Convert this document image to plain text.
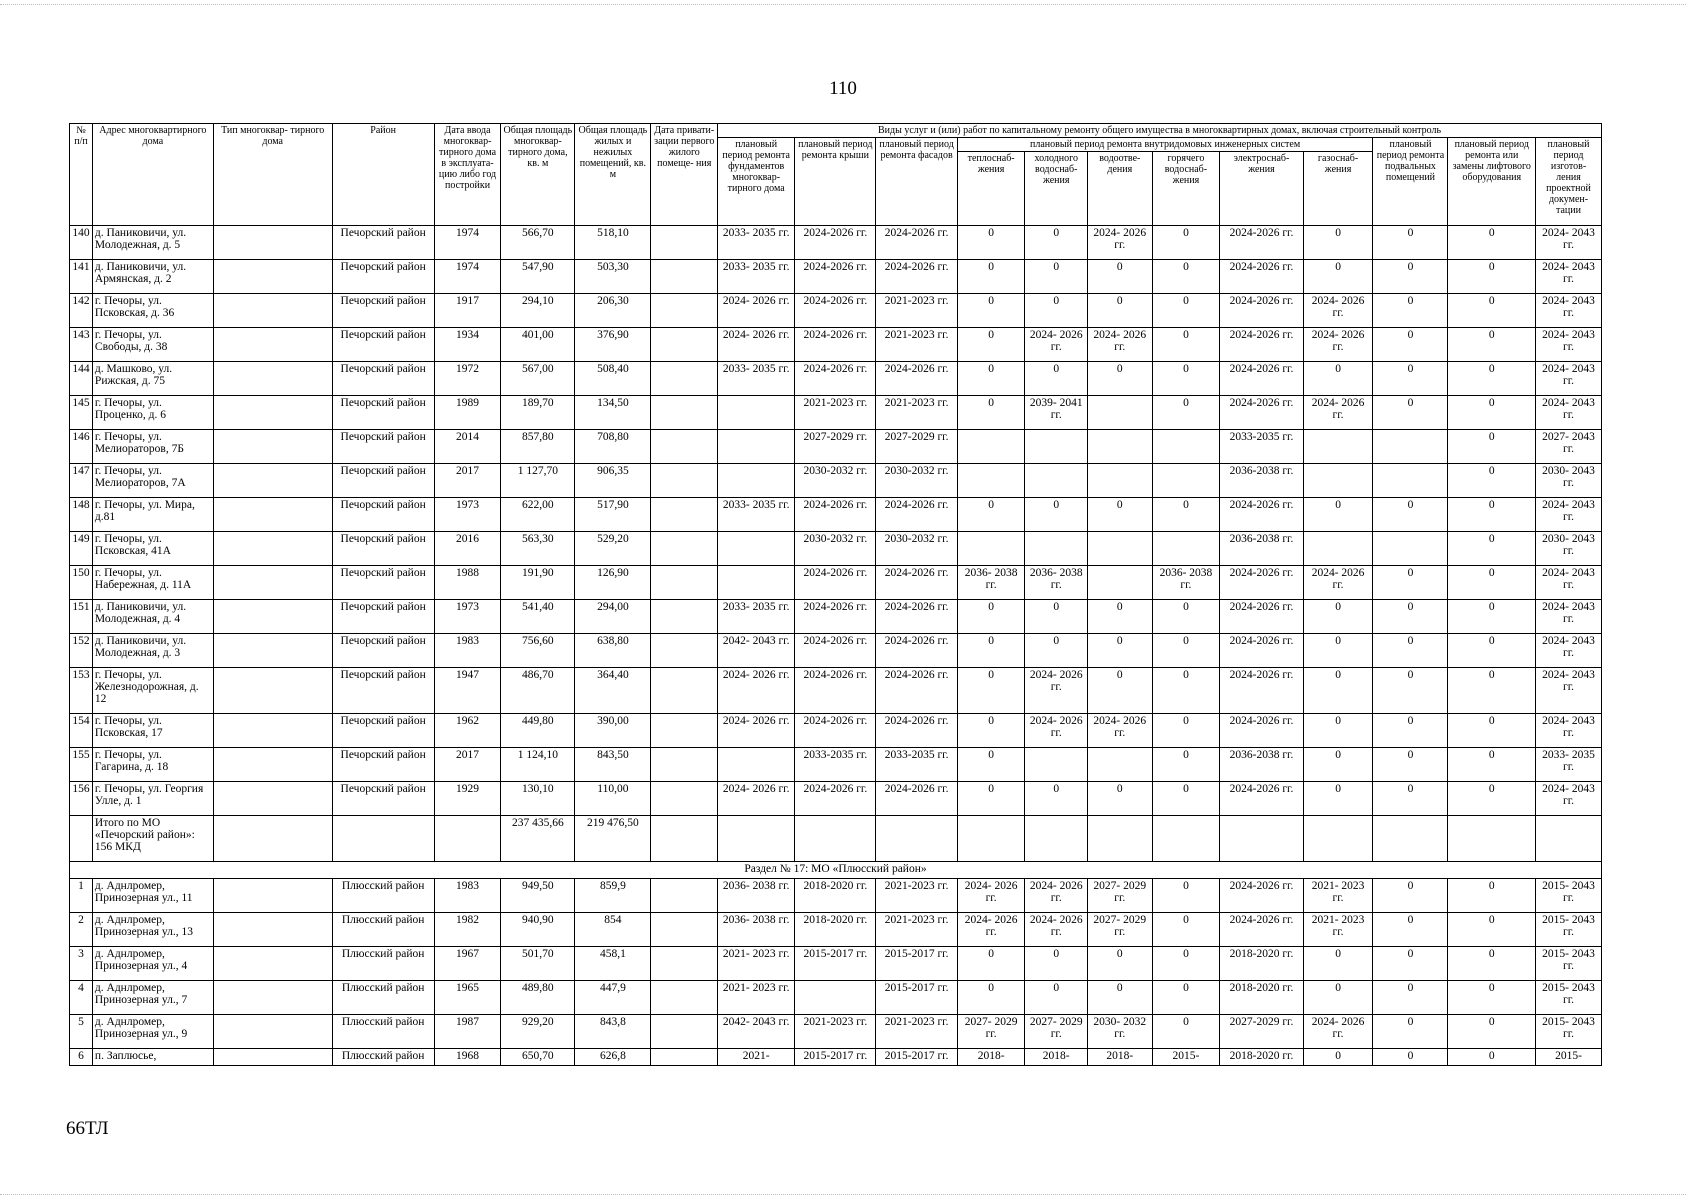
110
№ п/п	Адрес многоквартирного дома	Тип многоквар- тирного дома	Район	Дата ввода многоквар- тирного дома в эксплуата- цию либо год постройки	Общая площадь многоквар- тирного дома, кв. м	Общая площадь жилых и нежилых помещений, кв. м	Дата привати- зации первого жилого помеще- ния	Виды услуг и (или) работ по капитальному ремонту общего имущества в многоквартирных домах, включая строительный контроль											
								плановый период ремонта фундаментов многоквар- тирного дома	плановый период ремонта крыши	плановый период ремонта фасадов	плановый период ремонта внутридомовых инженерных систем						плановый период ремонта подвальных помещений	плановый период ремонта или замены лифтового оборудования	плановый период изготов- ления проектной докумен- тации
											теплоснаб- жения	холодного водоснаб- жения	водоотве- дения	горячего водоснаб- жения	электроснаб- жения	газоснаб- жения			
140	д. Паниковичи, ул. Молодежная, д. 5		Печорский район	1974	566,70	518,10		2033- 2035 гг.	2024-2026 гг.	2024-2026 гг.	0	0	2024- 2026 гг.	0	2024-2026 гг.	0	0	0	2024- 2043 гг.
141	д. Паниковичи, ул. Армянская, д. 2		Печорский район	1974	547,90	503,30		2033- 2035 гг.	2024-2026 гг.	2024-2026 гг.	0	0	0	0	2024-2026 гг.	0	0	0	2024- 2043 гг.
142	г. Печоры, ул. Псковская, д. 36		Печорский район	1917	294,10	206,30		2024- 2026 гг.	2024-2026 гг.	2021-2023 гг.	0	0	0	0	2024-2026 гг.	2024- 2026 гг.	0	0	2024- 2043 гг.
143	г. Печоры, ул. Свободы, д. 38		Печорский район	1934	401,00	376,90		2024- 2026 гг.	2024-2026 гг.	2021-2023 гг.	0	2024- 2026 гг.	2024- 2026 гг.	0	2024-2026 гг.	2024- 2026 гг.	0	0	2024- 2043 гг.
144	д. Машково, ул. Рижская, д. 75		Печорский район	1972	567,00	508,40		2033- 2035 гг.	2024-2026 гг.	2024-2026 гг.	0	0	0	0	2024-2026 гг.	0	0	0	2024- 2043 гг.
145	г. Печоры, ул. Проценко, д. 6		Печорский район	1989	189,70	134,50			2021-2023 гг.	2021-2023 гг.	0	2039- 2041 гг.		0	2024-2026 гг.	2024- 2026 гг.	0	0	2024- 2043 гг.
146	г. Печоры, ул. Мелиораторов, 7Б		Печорский район	2014	857,80	708,80			2027-2029 гг.	2027-2029 гг.					2033-2035 гг.			0	2027- 2043 гг.
147	г. Печоры, ул. Мелиораторов, 7А		Печорский район	2017	1 127,70	906,35			2030-2032 гг.	2030-2032 гг.					2036-2038 гг.			0	2030- 2043 гг.
148	г. Печоры, ул. Мира, д.81		Печорский район	1973	622,00	517,90		2033- 2035 гг.	2024-2026 гг.	2024-2026 гг.	0	0	0	0	2024-2026 гг.	0	0	0	2024- 2043 гг.
149	г. Печоры, ул. Псковская, 41А		Печорский район	2016	563,30	529,20			2030-2032 гг.	2030-2032 гг.					2036-2038 гг.			0	2030- 2043 гг.
150	г. Печоры, ул. Набережная, д. 11А		Печорский район	1988	191,90	126,90			2024-2026 гг.	2024-2026 гг.	2036- 2038 гг.	2036- 2038 гг.		2036- 2038 гг.	2024-2026 гг.	2024- 2026 гг.	0	0	2024- 2043 гг.
151	д. Паниковичи, ул. Молодежная, д. 4		Печорский район	1973	541,40	294,00		2033- 2035 гг.	2024-2026 гг.	2024-2026 гг.	0	0	0	0	2024-2026 гг.	0	0	0	2024- 2043 гг.
152	д. Паниковичи, ул. Молодежная, д. 3		Печорский район	1983	756,60	638,80		2042- 2043 гг.	2024-2026 гг.	2024-2026 гг.	0	0	0	0	2024-2026 гг.	0	0	0	2024- 2043 гг.
153	г. Печоры, ул. Железнодорожная, д. 12		Печорский район	1947	486,70	364,40		2024- 2026 гг.	2024-2026 гг.	2024-2026 гг.	0	2024- 2026 гг.	0	0	2024-2026 гг.	0	0	0	2024- 2043 гг.
154	г. Печоры, ул. Псковская, 17		Печорский район	1962	449,80	390,00		2024- 2026 гг.	2024-2026 гг.	2024-2026 гг.	0	2024- 2026 гг.	2024- 2026 гг.	0	2024-2026 гг.	0	0	0	2024- 2043 гг.
155	г. Печоры, ул. Гагарина, д. 18		Печорский район	2017	1 124,10	843,50			2033-2035 гг.	2033-2035 гг.	0			0	2036-2038 гг.	0	0	0	2033- 2035 гг.
156	г. Печоры, ул. Георгия Улле, д. 1		Печорский район	1929	130,10	110,00		2024- 2026 гг.	2024-2026 гг.	2024-2026 гг.	0	0	0	0	2024-2026 гг.	0	0	0	2024- 2043 гг.
	Итого по МО «Печорский район»: 156 МКД				237 435,66	219 476,50													
Раздел № 17: МО «Плюсский район»																			
1	д. Аднлромер, Принозерная ул., 11		Плюсский район	1983	949,50	859,9		2036- 2038 гг.	2018-2020 гг.	2021-2023 гг.	2024- 2026 гг.	2024- 2026 гг.	2027- 2029 гг.	0	2024-2026 гг.	2021- 2023 гг.	0	0	2015- 2043 гг.
2	д. Аднлромер, Принозерная ул., 13		Плюсский район	1982	940,90	854		2036- 2038 гг.	2018-2020 гг.	2021-2023 гг.	2024- 2026 гг.	2024- 2026 гг.	2027- 2029 гг.	0	2024-2026 гг.	2021- 2023 гг.	0	0	2015- 2043 гг.
3	д. Аднлромер, Принозерная ул., 4		Плюсский район	1967	501,70	458,1		2021- 2023 гг.	2015-2017 гг.	2015-2017 гг.	0	0	0	0	2018-2020 гг.	0	0	0	2015- 2043 гг.
4	д. Аднлромер, Принозерная ул., 7		Плюсский район	1965	489,80	447,9		2021- 2023 гг.		2015-2017 гг.	0	0	0	0	2018-2020 гг.	0	0	0	2015- 2043 гг.
5	д. Аднлромер, Принозерная ул., 9		Плюсский район	1987	929,20	843,8		2042- 2043 гг.	2021-2023 гг.	2021-2023 гг.	2027- 2029 гг.	2027- 2029 гг.	2030- 2032 гг.	0	2027-2029 гг.	2024- 2026 гг.	0	0	2015- 2043 гг.
6	п. Заплюсье,		Плюсский район	1968	650,70	626,8		2021-	2015-2017 гг.	2015-2017 гг.	2018-	2018-	2018-	2015-	2018-2020 гг.	0	0	0	2015-
66ТЛ
